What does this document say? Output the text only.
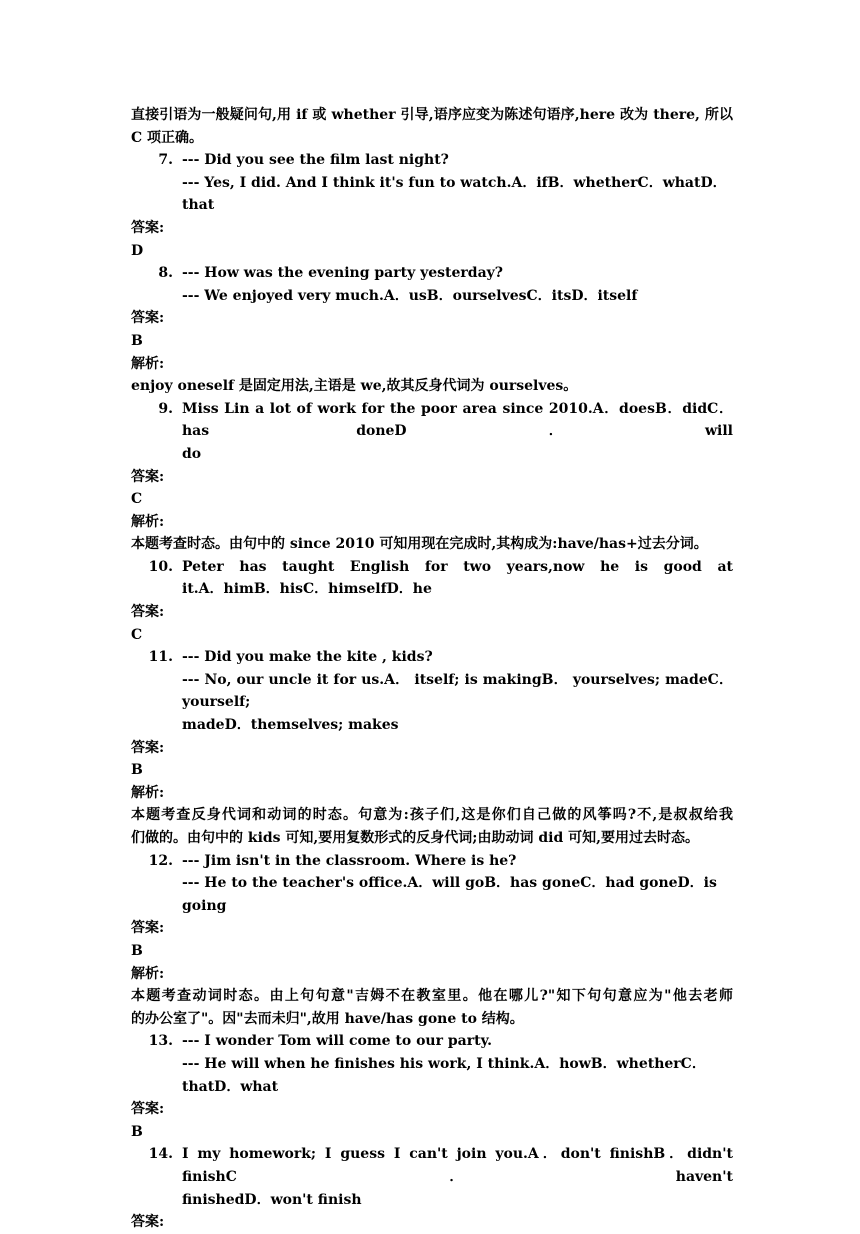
直接引语为一般疑问句,用 if 或 whether 引导,语序应变为陈述句语序,here 改为 there, 所以

C 项正确。

7. --- Did you see the film last night?
--- Yes, I did. And I think it's fun to watch.A．ifB．whetherC．whatD．that

答案:

D

8. --- How was the evening party yesterday?
--- We enjoyed very much.A．usB．ourselvesC．itsD．itself

答案:

B

解析:

enjoy oneself 是固定用法,主语是 we,故其反身代词为 ourselves。

9. Miss Lin a lot of work for the poor area since 2010.A．doesB．didC．has doneD．will
do

答案:

C

解析:

本题考查时态。由句中的 since 2010 可知用现在完成时,其构成为:have/has+过去分词。

10. Peter has taught English for two years,now he is good at
it.A．himB．hisC．himselfD．he

答案:

C

11. --- Did you make the kite , kids?
--- No, our uncle it for us.A． itself; is makingB． yourselves; madeC． yourself;
madeD．themselves; makes

答案:

B

解析:

本题考查反身代词和动词的时态。句意为:孩子们,这是你们自己做的风筝吗?不,是叔叔给我

们做的。由句中的 kids 可知,要用复数形式的反身代词;由助动词 did 可知,要用过去时态。

12. --- Jim isn't in the classroom. Where is he?
--- He to the teacher's office.A．will goB．has goneC．had goneD．is going

答案:

B

解析:

本题考查动词时态。由上句句意"吉姆不在教室里。他在哪儿?"知下句句意应为"他去老师

的办公室了"。因"去而未归",故用 have/has gone to 结构。

13. --- I wonder Tom will come to our party.
--- He will when he finishes his work, I think.A．howB．whetherC．thatD．what

答案:

B

14. I my homework; I guess I can't join you.A．don't finishB．didn't finishC．haven't
finishedD．won't finish

答案:
